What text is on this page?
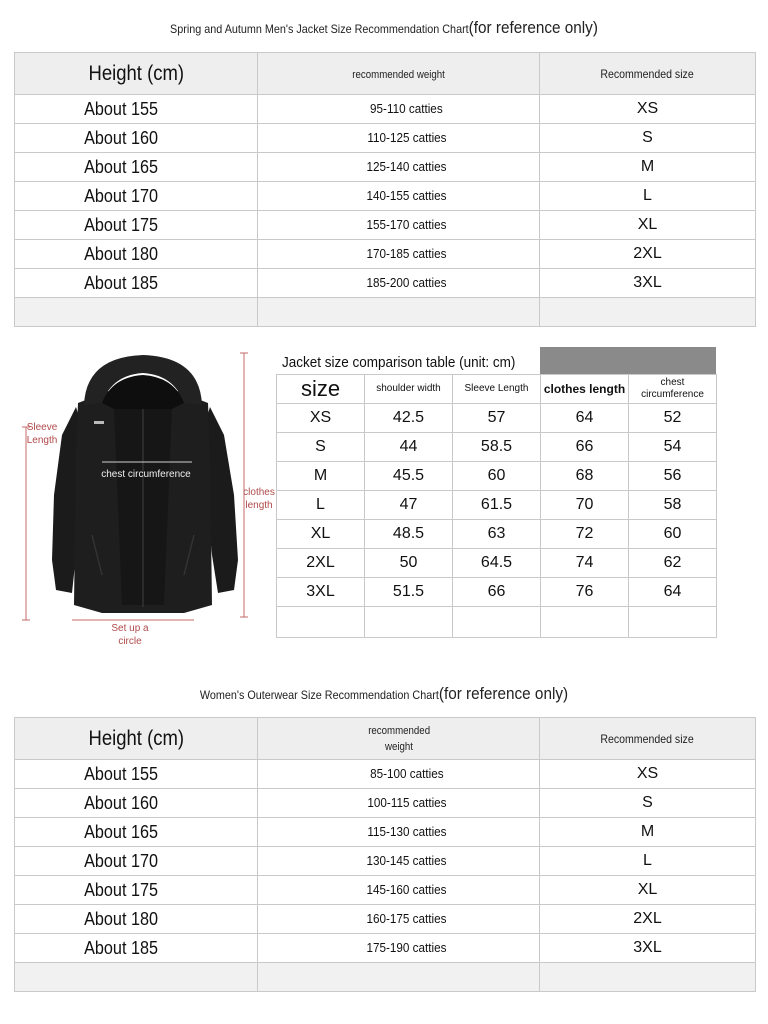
Spring and Autumn Men's Jacket Size Recommendation Chart(for reference only)
Height (cm)	recommended weight	Recommended size
About 155	95-110 catties	XS
About 160	110-125 catties	S
About 165	125-140 catties	M
About 170	140-155 catties	L
About 175	155-170 catties	XL
About 180	170-185 catties	2XL
About 185	185-200 catties	3XL

Sleeve Length
chest circumference
clothes length
Set up a circle
Jacket size comparison table (unit: cm)
size	shoulder width	Sleeve Length	clothes length	chest circumference
XS	42.5	57	64	52
S	44	58.5	66	54
M	45.5	60	68	56
L	47	61.5	70	58
XL	48.5	63	72	60
2XL	50	64.5	74	62
3XL	51.5	66	76	64

Women's Outerwear Size Recommendation Chart(for reference only)
Height (cm)	recommended weight	Recommended size
About 155	85-100 catties	XS
About 160	100-115 catties	S
About 165	115-130 catties	M
About 170	130-145 catties	L
About 175	145-160 catties	XL
About 180	160-175 catties	2XL
About 185	175-190 catties	3XL
